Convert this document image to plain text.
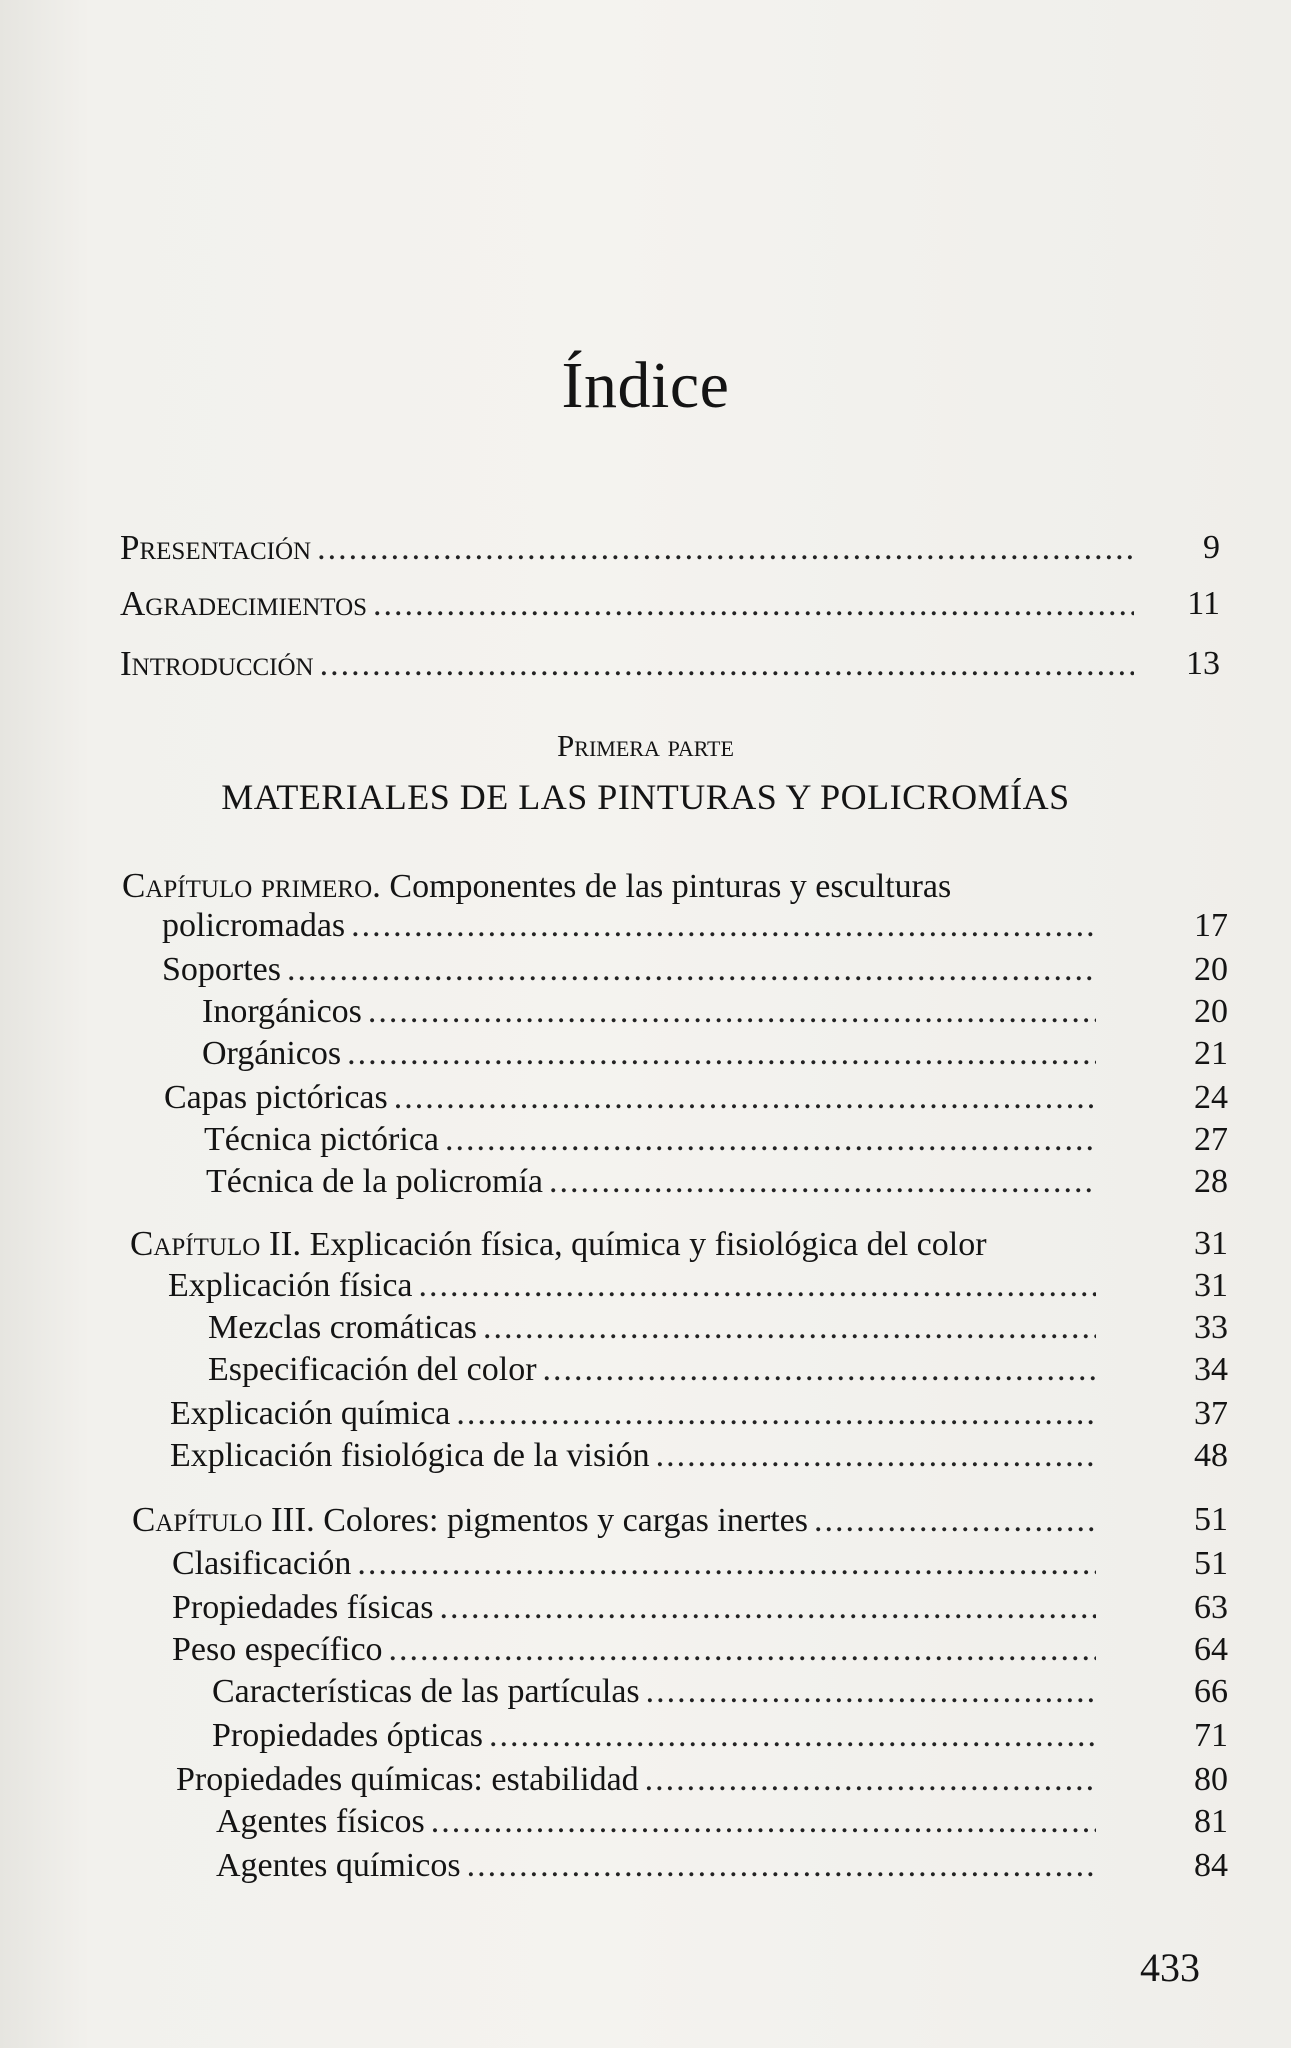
Índice
Presentación .....	9
Agradecimientos .....	11
Introducción .....	13
Primera parte
MATERIALES DE LAS PINTURAS Y POLICROMÍAS
Capítulo primero. Componentes de las pinturas y esculturas
policromadas .....	17
Soportes .....	20
Inorgánicos .....	20
Orgánicos .....	21
Capas pictóricas .....	24
Técnica pictórica .....	27
Técnica de la policromía .....	28
Capítulo II. Explicación física, química y fisiológica del color	31
Explicación física .....	31
Mezclas cromáticas .....	33
Especificación del color .....	34
Explicación química .....	37
Explicación fisiológica de la visión .....	48
Capítulo III. Colores: pigmentos y cargas inertes .....	51
Clasificación .....	51
Propiedades físicas .....	63
Peso específico .....	64
Características de las partículas .....	66
Propiedades ópticas .....	71
Propiedades químicas: estabilidad .....	80
Agentes físicos .....	81
Agentes químicos .....	84
433
